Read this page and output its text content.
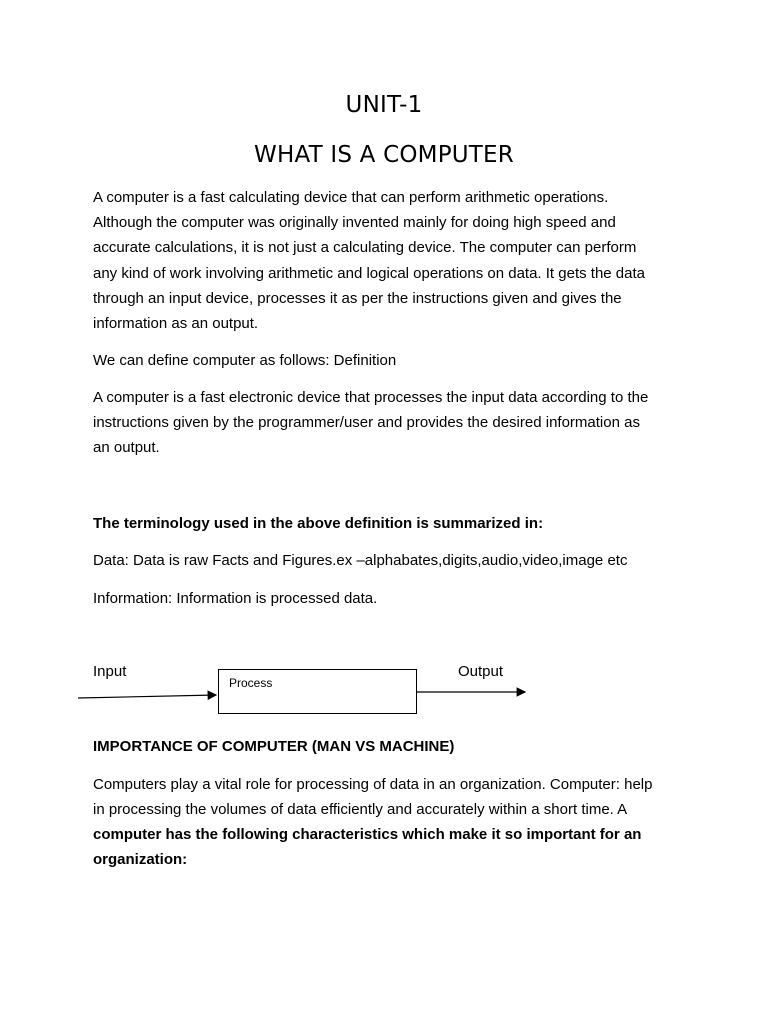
UNIT-1
WHAT IS A COMPUTER

A computer is a fast calculating device that can perform arithmetic operations.
Although the computer was originally invented mainly for doing high speed and
accurate calculations, it is not just a calculating device. The computer can perform
any kind of work involving arithmetic and logical operations on data. It gets the data
through an input device, processes it as per the instructions given and gives the
information as an output.

We can define computer as follows: Definition

A computer is a fast electronic device that processes the input data according to the
instructions given by the programmer/user and provides the desired information as
an output.

The terminology used in the above definition is summarized in:

Data: Data is raw Facts and Figures.ex –alphabates,digits,audio,video,image etc

Information: Information is processed data.

Input

Process

Output

IMPORTANCE OF COMPUTER (MAN VS MACHINE)

Computers play a vital role for processing of data in an organization. Computer: help
in processing the volumes of data efficiently and accurately within a short time. A

computer has the following characteristics which make it so important for an
organization:
